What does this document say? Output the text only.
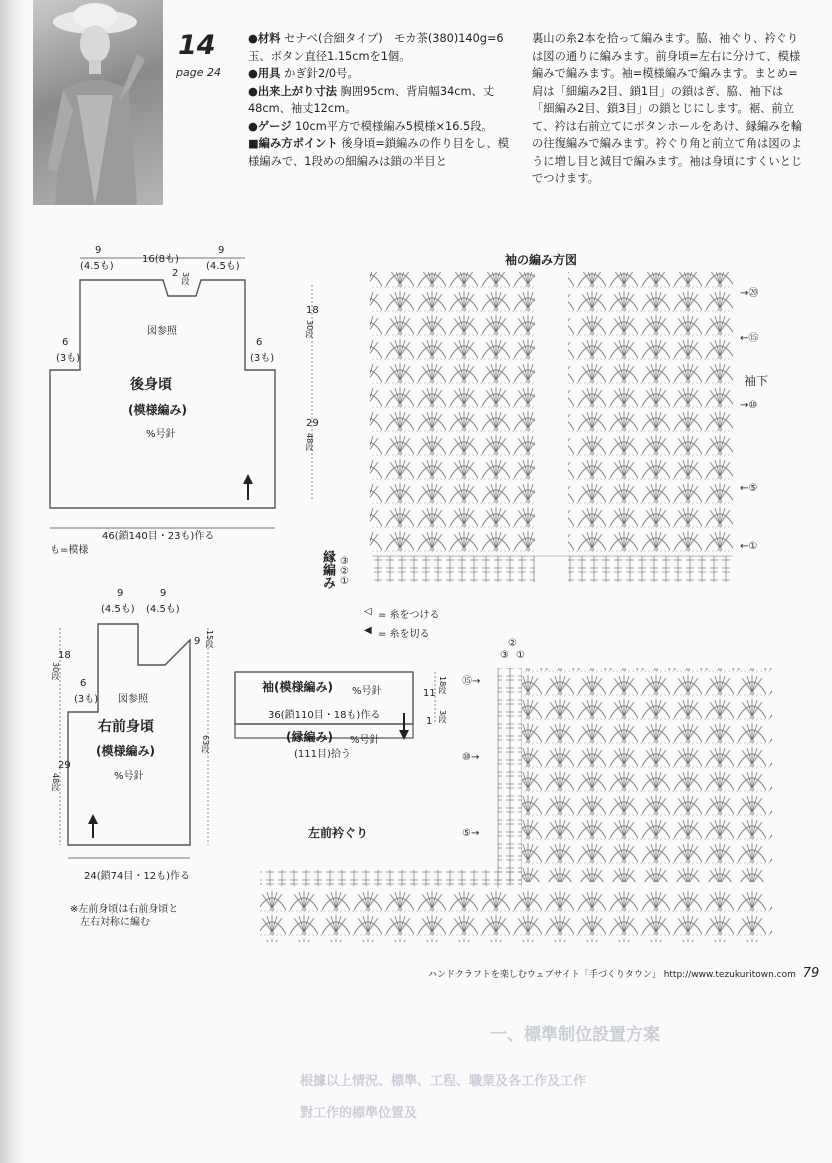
14
page 24
●材料 セナベ(合細タイプ)　モカ茶(380)140g=6玉、ボタン直径1.15cmを1個。
●用具 かぎ針2/0号。
●出来上がり寸法 胸囲95cm、背肩幅34cm、丈48cm、袖丈12cm。
●ゲージ 10cm平方で模様編み5模様×16.5段。
■編み方ポイント 後身頃=鎖編みの作り目をし、模様編みで、1段めの細編みは鎖の半目と
裏山の糸2本を拾って編みます。脇、袖ぐり、衿ぐりは図の通りに編みます。前身頃=左右に分けて、模様編みで編みます。袖=模様編みで編みます。まとめ=肩は「細編み2目、鎖1目」の鎖はぎ、脇、袖下は「細編み2目、鎖3目」の鎖とじにします。裾、前立て、衿は右前立てにボタンホールをあけ、縁編みを輪の往復編みで編みます。衿ぐり角と前立て角は図のように増し目と減目で編みます。袖は身頃にすくいとじでつけます。
9
(4.5も)
16(8も)
9
(4.5も)
2 3段
図参照
6
(3も)
6
(3も)
後身頃
(模様編み)
%号針
18
30段
29
48段
46(鎖140目・23も)作る
も=模様
9
(4.5も)
9
(4.5も)
9 15段
63段
18
30段
29
48段
6
(3も) 図参照
右前身頃
(模様編み)
%号針
24(鎖74目・12も)作る
※左前身頃は右前身頃と
左右対称に編む
袖(模様編み) %号針
36(鎖110目・18も)作る
(縁編み) %号針
(111目)拾う
11 18段
1 3段
袖の編み方図
袖下
縁編み
→⑳
←⑮
→⑩
←⑤
←①
③
②
①
◁ = 糸をつける
◀ = 糸を切る
左前衿ぐり
⑮→
⑩→
⑤→
③
②
①
ハンドクラフトを楽しむウェブサイト「手づくりタウン」 http://www.tezukuritown.com 79
一、標準制位設置方案
根據以上情況、標準、工程、職業及各工作及工作
對工作的標準位置及
